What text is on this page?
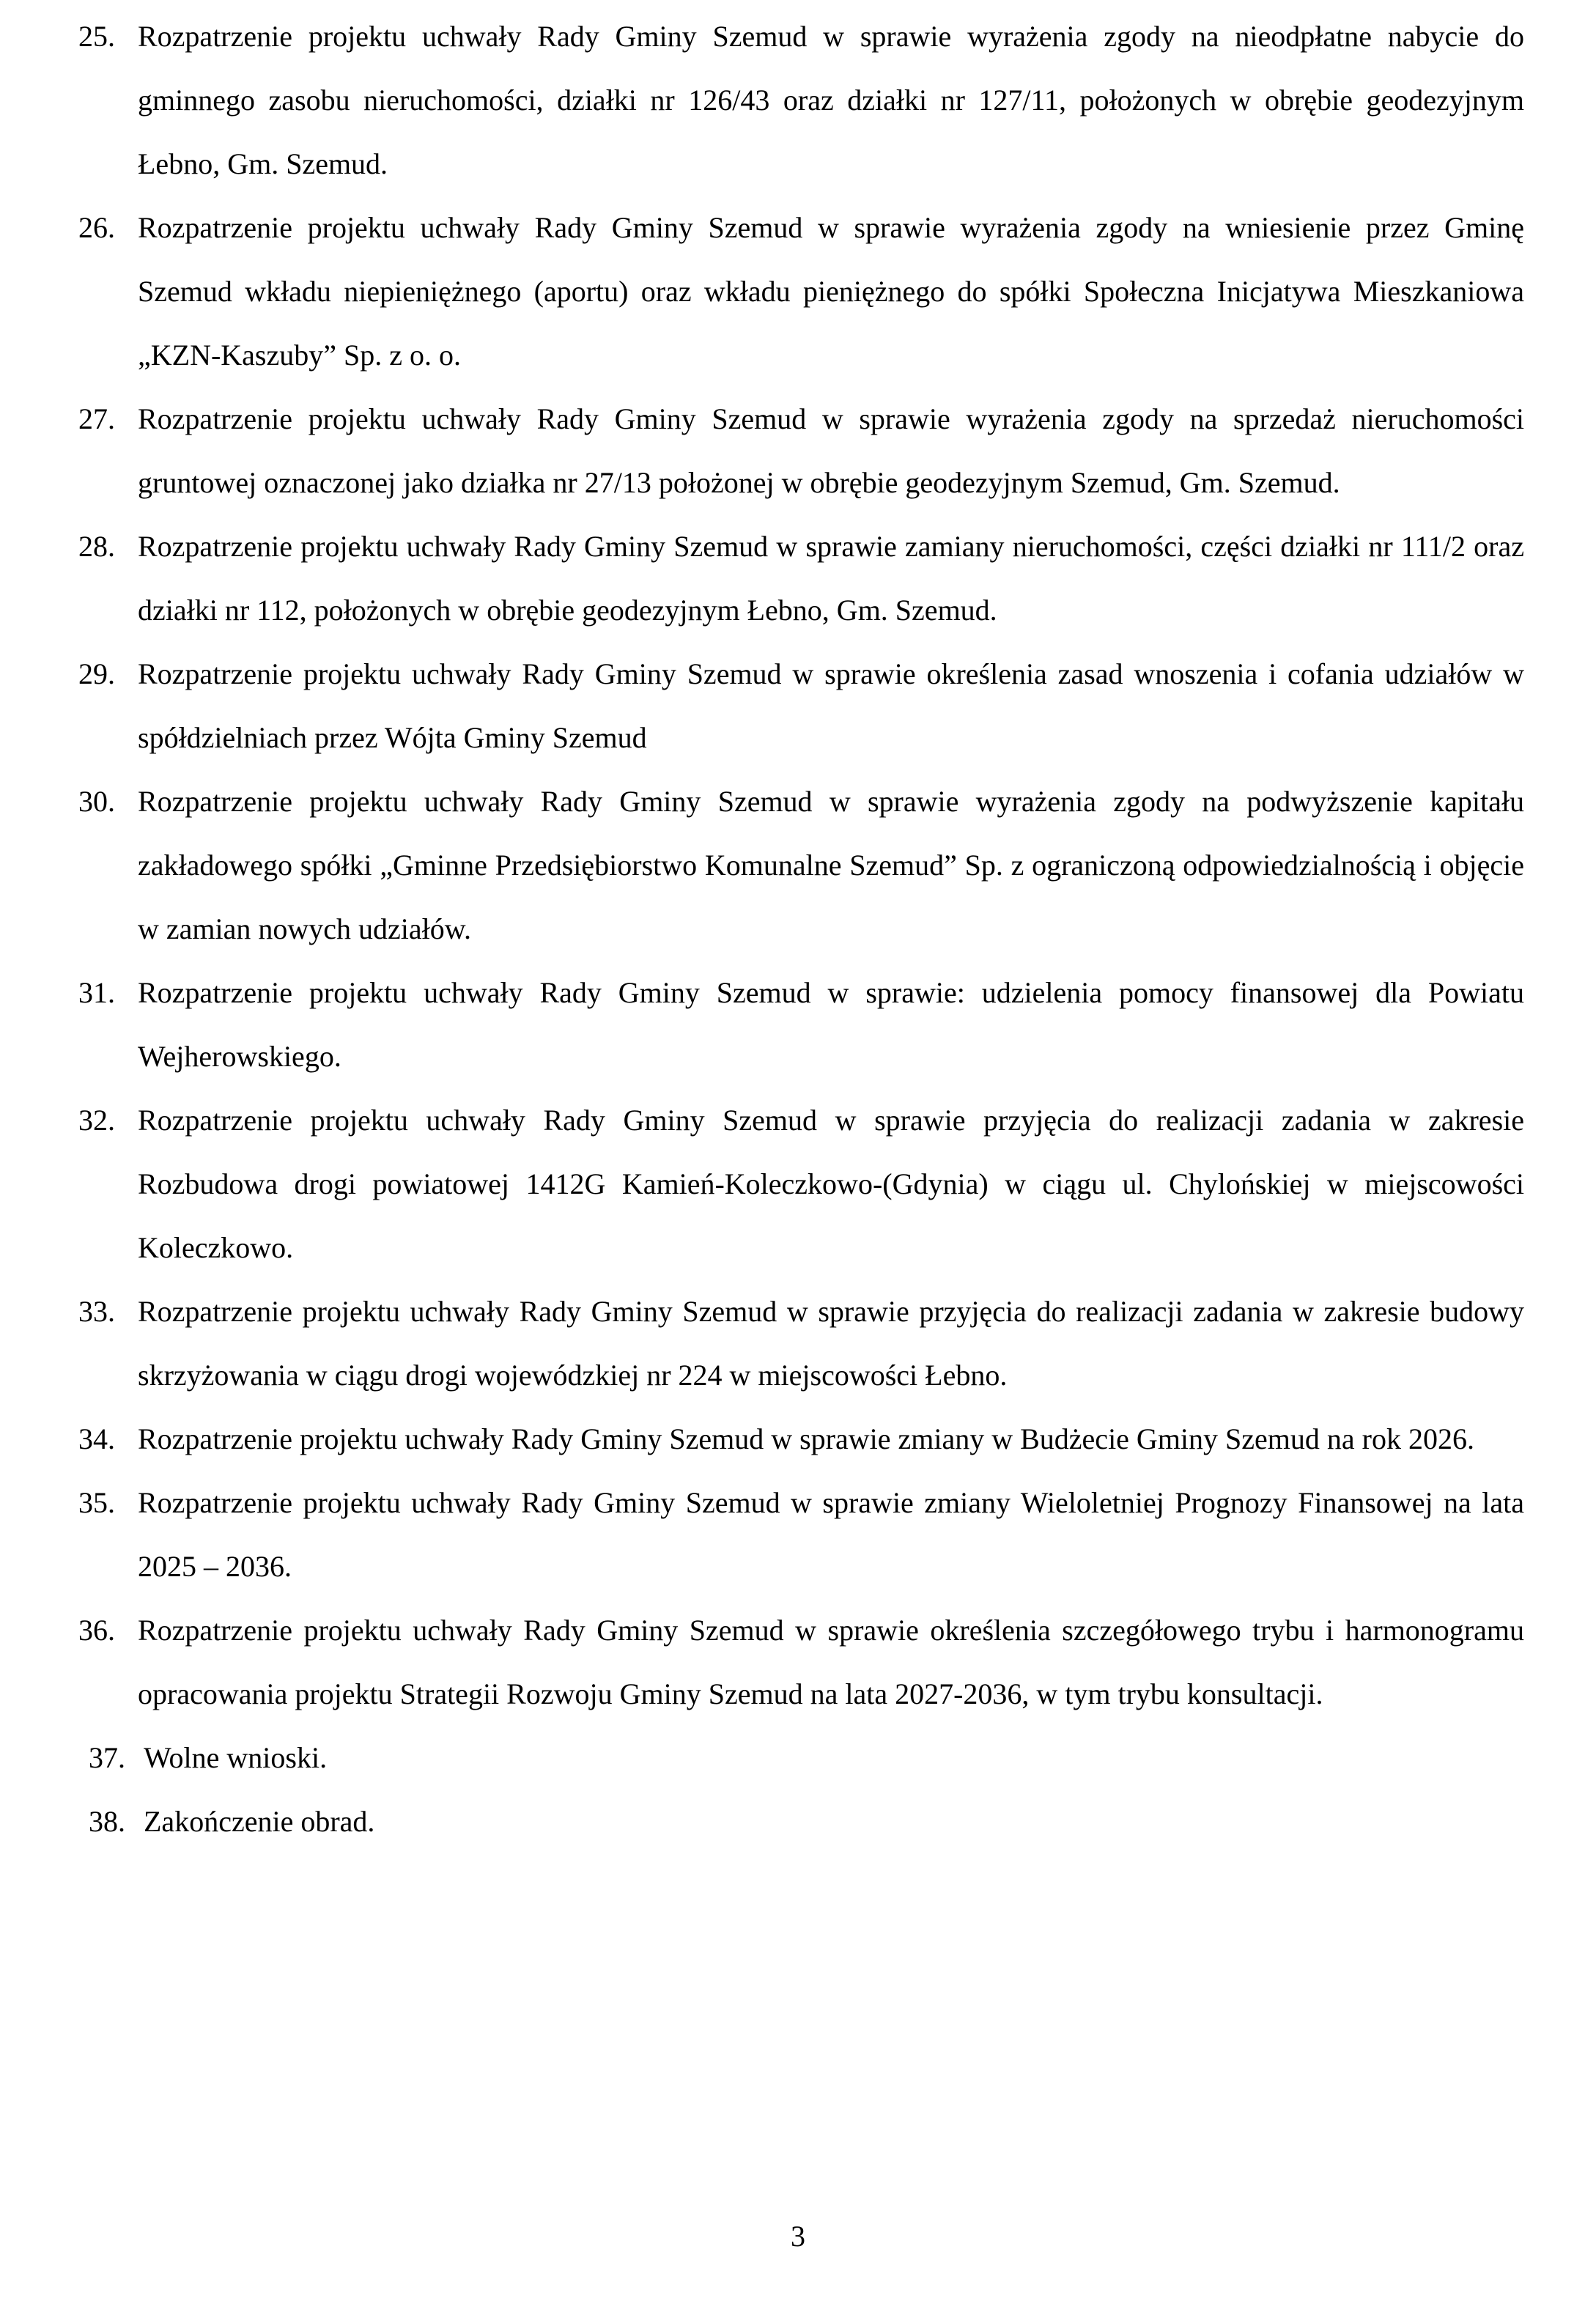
25. Rozpatrzenie projektu uchwały Rady Gminy Szemud w sprawie wyrażenia zgody na nieodpłatne nabycie do gminnego zasobu nieruchomości, działki nr 126/43 oraz działki nr 127/11, położonych w obrębie geodezyjnym Łebno, Gm. Szemud.
26. Rozpatrzenie projektu uchwały Rady Gminy Szemud w sprawie wyrażenia zgody na wniesienie przez Gminę Szemud wkładu niepieniężnego (aportu) oraz wkładu pieniężnego do spółki Społeczna Inicjatywa Mieszkaniowa „KZN-Kaszuby” Sp. z o. o.
27. Rozpatrzenie projektu uchwały Rady Gminy Szemud w sprawie wyrażenia zgody na sprzedaż nieruchomości gruntowej oznaczonej jako działka nr 27/13 położonej w obrębie geodezyjnym Szemud, Gm. Szemud.
28. Rozpatrzenie projektu uchwały Rady Gminy Szemud w sprawie zamiany nieruchomości, części działki nr 111/2 oraz działki nr 112, położonych w obrębie geodezyjnym Łebno, Gm. Szemud.
29. Rozpatrzenie projektu uchwały Rady Gminy Szemud w sprawie określenia zasad wnoszenia i cofania udziałów w spółdzielniach przez Wójta Gminy Szemud
30. Rozpatrzenie projektu uchwały Rady Gminy Szemud w sprawie wyrażenia zgody na podwyższenie kapitału zakładowego spółki „Gminne Przedsiębiorstwo Komunalne Szemud” Sp. z ograniczoną odpowiedzialnością i objęcie w zamian nowych udziałów.
31. Rozpatrzenie projektu uchwały Rady Gminy Szemud w sprawie: udzielenia pomocy finansowej dla Powiatu Wejherowskiego.
32. Rozpatrzenie projektu uchwały Rady Gminy Szemud w sprawie przyjęcia do realizacji zadania w zakresie Rozbudowa drogi powiatowej 1412G Kamień-Koleczkowo-(Gdynia) w ciągu ul. Chylońskiej w miejscowości Koleczkowo.
33. Rozpatrzenie projektu uchwały Rady Gminy Szemud w sprawie przyjęcia do realizacji zadania w zakresie budowy skrzyżowania w ciągu drogi wojewódzkiej nr 224 w miejscowości Łebno.
34. Rozpatrzenie projektu uchwały Rady Gminy Szemud w sprawie zmiany w Budżecie Gminy Szemud na rok 2026.
35. Rozpatrzenie projektu uchwały Rady Gminy Szemud w sprawie zmiany Wieloletniej Prognozy Finansowej na lata 2025 – 2036.
36. Rozpatrzenie projektu uchwały Rady Gminy Szemud w sprawie określenia szczegółowego trybu i harmonogramu opracowania projektu Strategii Rozwoju Gminy Szemud na lata 2027-2036, w tym trybu konsultacji.
37. Wolne wnioski.
38. Zakończenie obrad.
3
